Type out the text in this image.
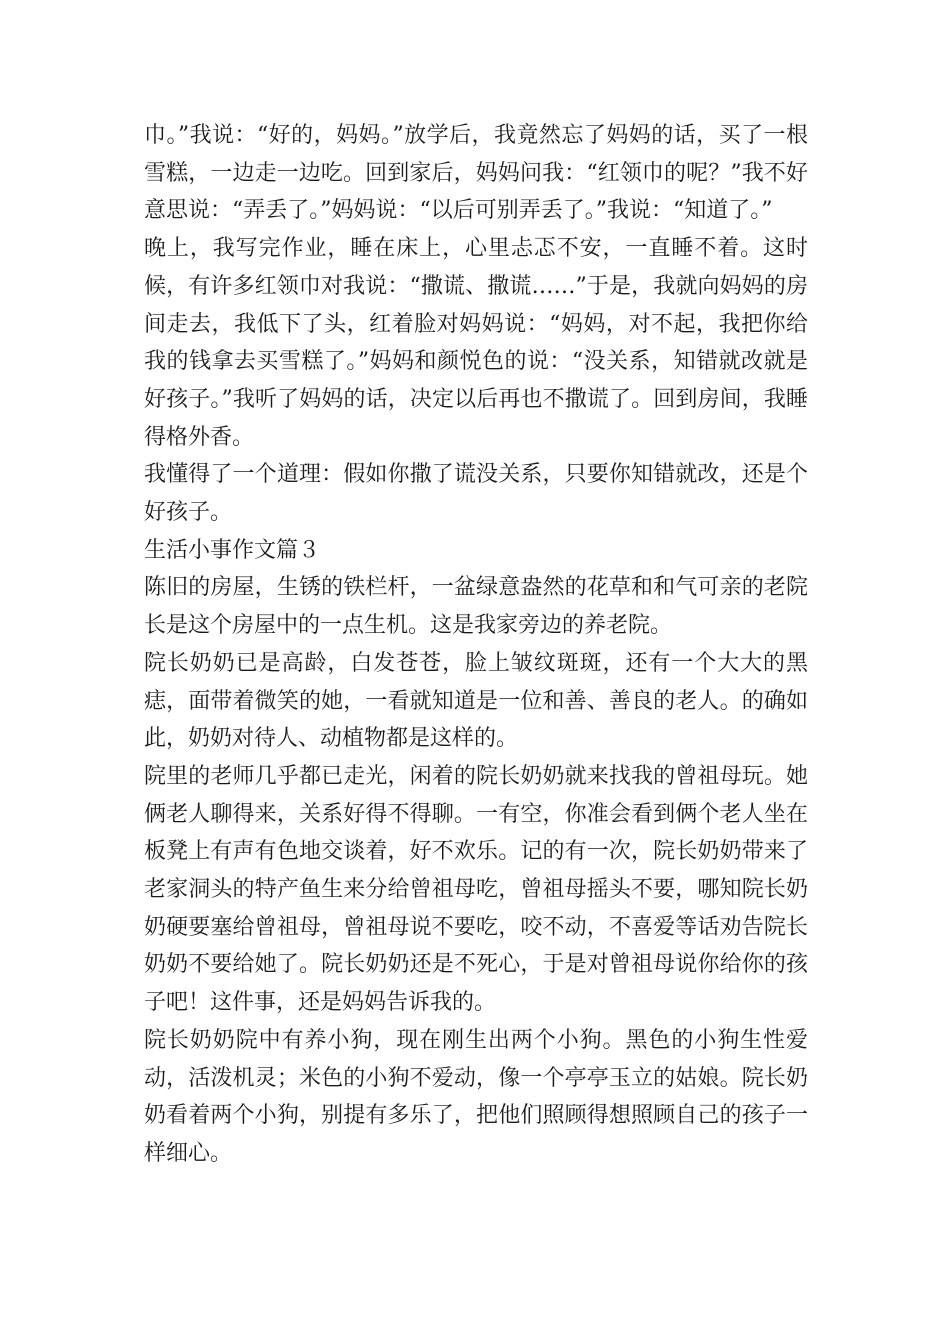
巾。”我说：“好的，妈妈。”放学后，我竟然忘了妈妈的话，买了一根雪糕，一边走一边吃。回到家后，妈妈问我：“红领巾的呢？”我不好意思说：“弄丢了。”妈妈说：“以后可别弄丢了。”我说：“知道了。”

晚上，我写完作业，睡在床上，心里忐忑不安，一直睡不着。这时候，有许多红领巾对我说：“撒谎、撒谎……”于是，我就向妈妈的房间走去，我低下了头，红着脸对妈妈说：“妈妈，对不起，我把你给我的钱拿去买雪糕了。”妈妈和颜悦色的说：“没关系，知错就改就是好孩子。”我听了妈妈的话，决定以后再也不撒谎了。回到房间，我睡得格外香。

我懂得了一个道理：假如你撒了谎没关系，只要你知错就改，还是个好孩子。

生活小事作文篇３

陈旧的房屋，生锈的铁栏杆，一盆绿意盎然的花草和和气可亲的老院长是这个房屋中的一点生机。这是我家旁边的养老院。

院长奶奶已是高龄，白发苍苍，脸上皱纹斑斑，还有一个大大的黑痣，面带着微笑的她，一看就知道是一位和善、善良的老人。的确如此，奶奶对待人、动植物都是这样的。

院里的老师几乎都已走光，闲着的院长奶奶就来找我的曾祖母玩。她俩老人聊得来，关系好得不得聊。一有空，你准会看到俩个老人坐在板凳上有声有色地交谈着，好不欢乐。记的有一次，院长奶奶带来了老家洞头的特产鱼生来分给曾祖母吃，曾祖母摇头不要，哪知院长奶奶硬要塞给曾祖母，曾祖母说不要吃，咬不动，不喜爱等话劝告院长奶奶不要给她了。院长奶奶还是不死心，于是对曾祖母说你给你的孩子吧！这件事，还是妈妈告诉我的。

院长奶奶院中有养小狗，现在刚生出两个小狗。黑色的小狗生性爱动，活泼机灵；米色的小狗不爱动，像一个亭亭玉立的姑娘。院长奶奶看着两个小狗，别提有多乐了，把他们照顾得想照顾自己的孩子一样细心。
